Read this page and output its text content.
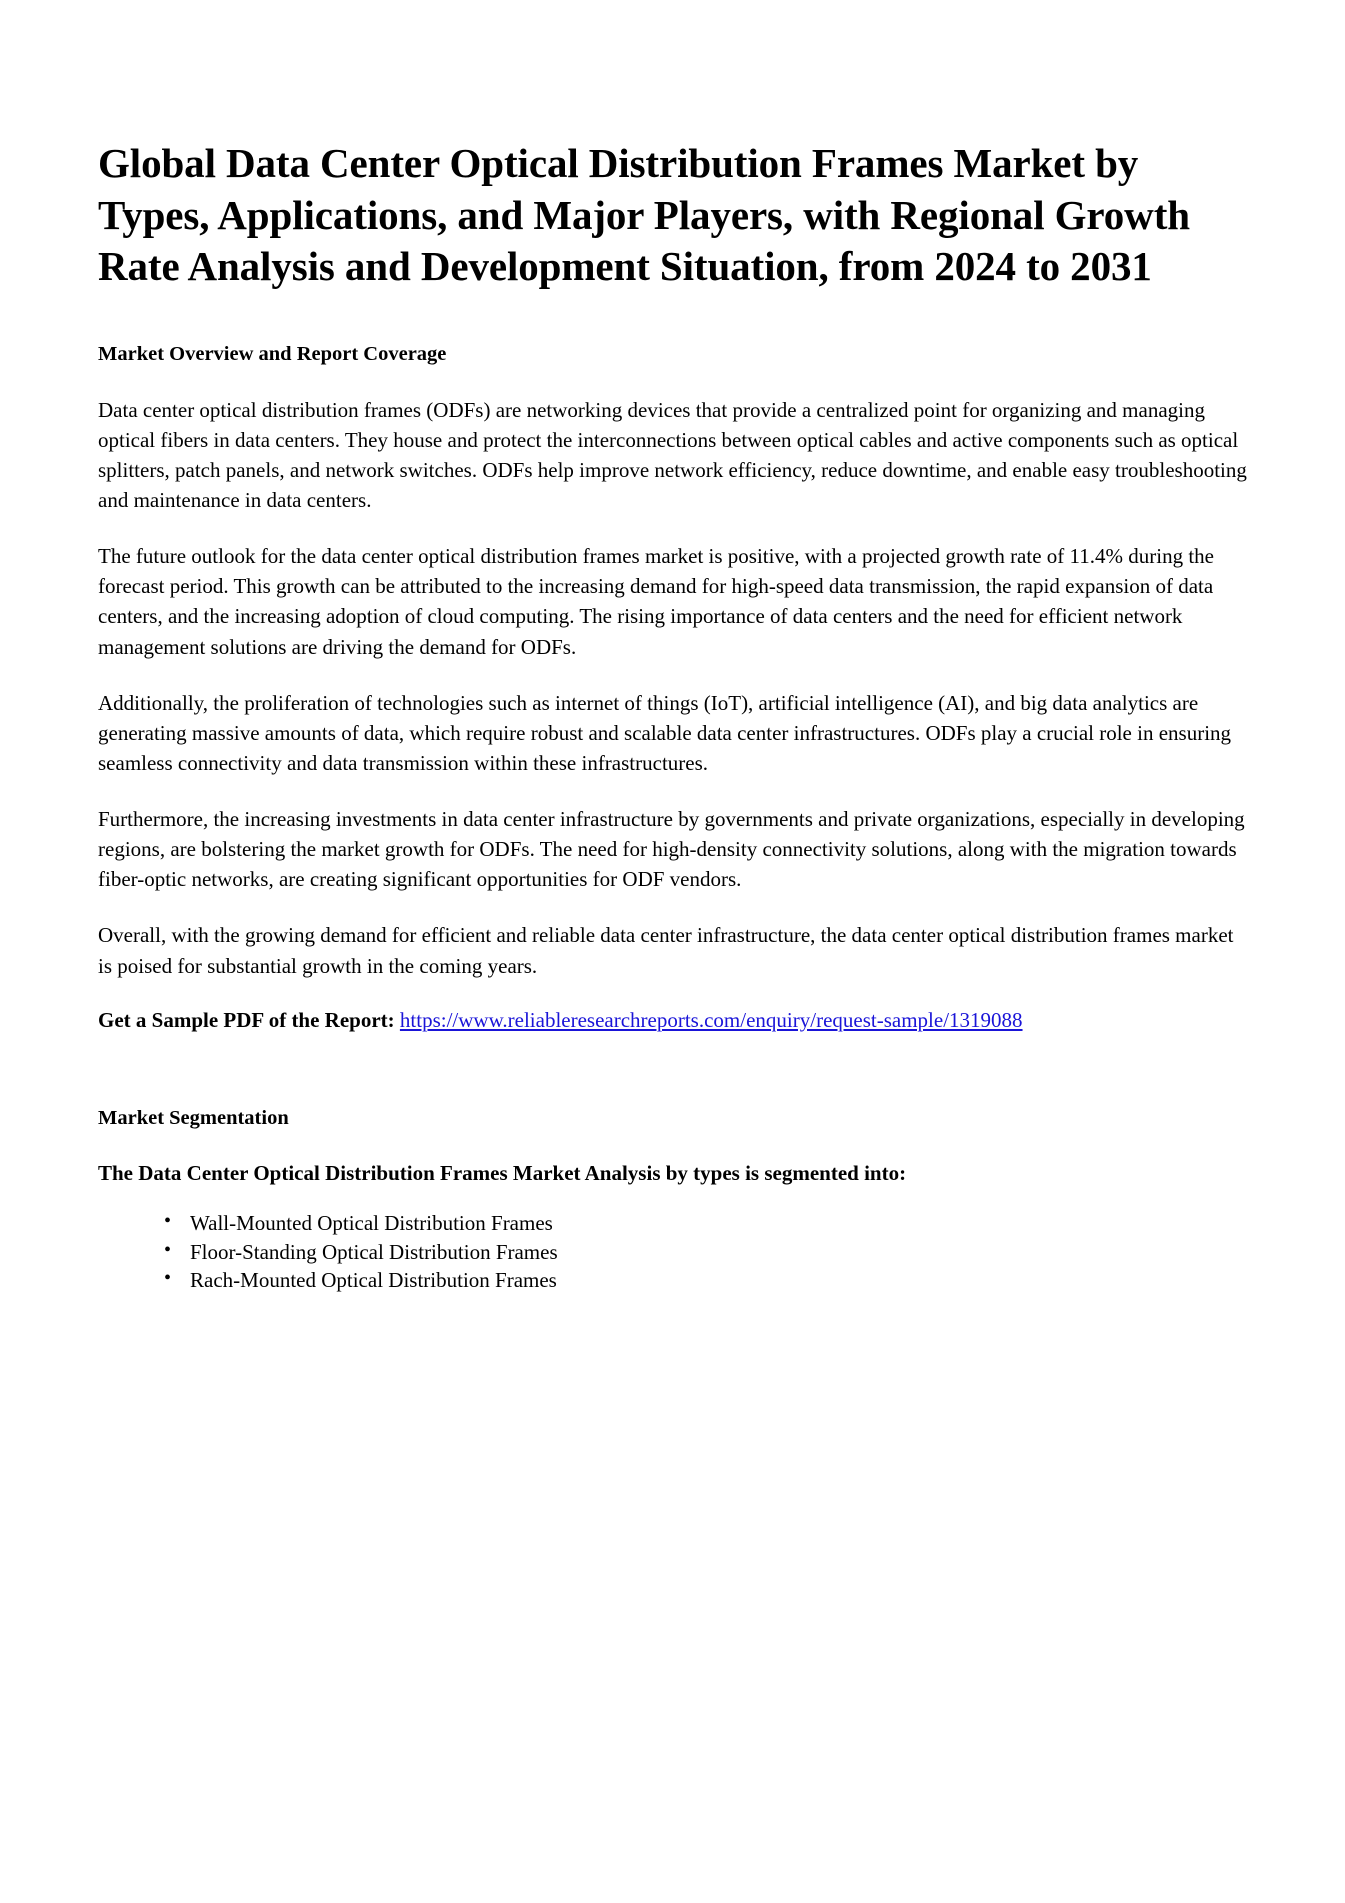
Global Data Center Optical Distribution Frames Market by Types, Applications, and Major Players, with Regional Growth Rate Analysis and Development Situation, from 2024 to 2031
Market Overview and Report Coverage

Data center optical distribution frames (ODFs) are networking devices that provide a centralized point for organizing and managing optical fibers in data centers. They house and protect the interconnections between optical cables and active components such as optical splitters, patch panels, and network switches. ODFs help improve network efficiency, reduce downtime, and enable easy troubleshooting and maintenance in data centers.

The future outlook for the data center optical distribution frames market is positive, with a projected growth rate of 11.4% during the forecast period. This growth can be attributed to the increasing demand for high-speed data transmission, the rapid expansion of data centers, and the increasing adoption of cloud computing. The rising importance of data centers and the need for efficient network management solutions are driving the demand for ODFs.

Additionally, the proliferation of technologies such as internet of things (IoT), artificial intelligence (AI), and big data analytics are generating massive amounts of data, which require robust and scalable data center infrastructures. ODFs play a crucial role in ensuring seamless connectivity and data transmission within these infrastructures.

Furthermore, the increasing investments in data center infrastructure by governments and private organizations, especially in developing regions, are bolstering the market growth for ODFs. The need for high-density connectivity solutions, along with the migration towards fiber-optic networks, are creating significant opportunities for ODF vendors.

Overall, with the growing demand for efficient and reliable data center infrastructure, the data center optical distribution frames market is poised for substantial growth in the coming years.

Get a Sample PDF of the Report: https://www.reliableresearchreports.com/enquiry/request-sample/1319088

Market Segmentation

The Data Center Optical Distribution Frames Market Analysis by types is segmented into:

• Wall-Mounted Optical Distribution Frames
• Floor-Standing Optical Distribution Frames
• Rach-Mounted Optical Distribution Frames
